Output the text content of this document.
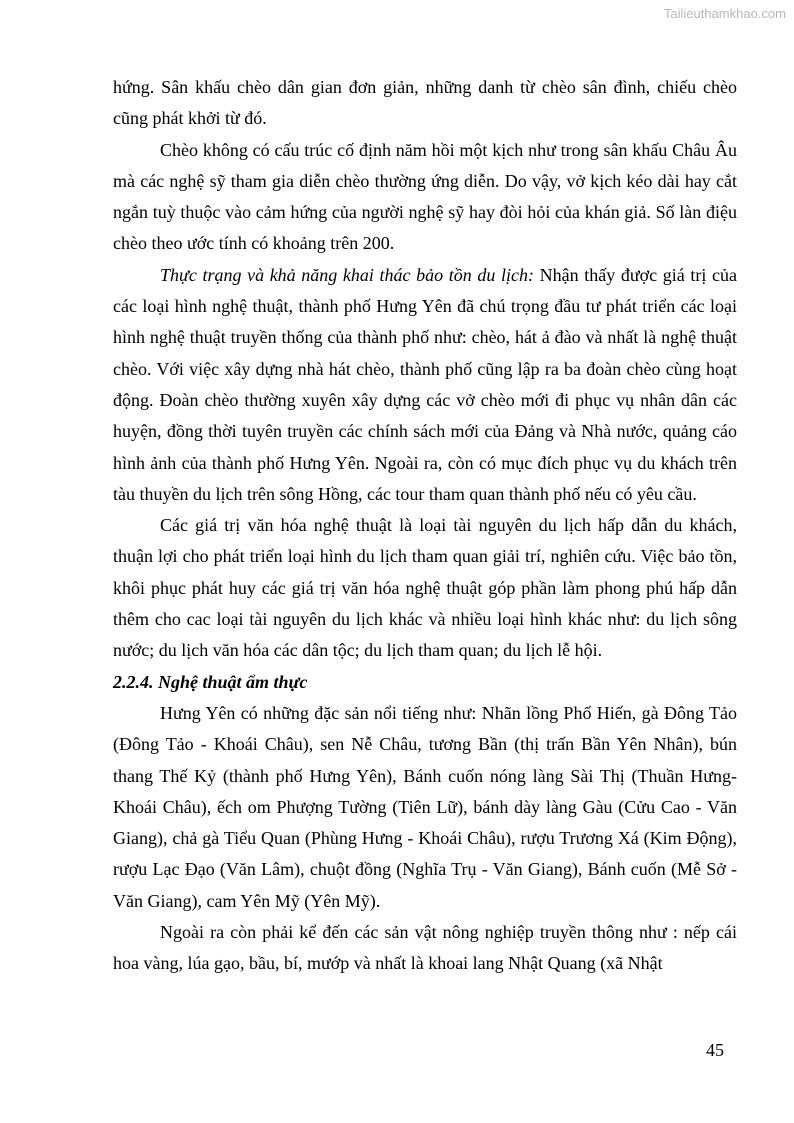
Tailieuthamkhao.com

hứng. Sân khấu chèo dân gian đơn giản, những danh từ chèo sân đình, chiếu chèo cũng phát khởi từ đó.

Chèo không có cấu trúc cố định năm hồi một kịch như trong sân khấu Châu Âu mà các nghệ sỹ tham gia diễn chèo thường ứng diễn. Do vậy, vở kịch kéo dài hay cắt ngắn tuỳ thuộc vào cảm hứng của người nghệ sỹ hay đòi hỏi của khán giả. Số làn điệu chèo theo ước tính có khoảng trên 200.

Thực trạng và khả năng khai thác bảo tồn du lịch: Nhận thấy được giá trị của các loại hình nghệ thuật, thành phố Hưng Yên đã chú trọng đầu tư phát triển các loại hình nghệ thuật truyền thống của thành phố như: chèo, hát ả đào và nhất là nghệ thuật chèo. Với việc xây dựng nhà hát chèo, thành phố cũng lập ra ba đoàn chèo cùng hoạt động. Đoàn chèo thường xuyên xây dựng các vở chèo mới đi phục vụ nhân dân các huyện, đồng thời tuyên truyền các chính sách mới của Đảng và Nhà nước, quảng cáo hình ảnh của thành phố Hưng Yên. Ngoài ra, còn có mục đích phục vụ du khách trên tàu thuyền du lịch trên sông Hồng, các tour tham quan thành phố nếu có yêu cầu.

Các giá trị văn hóa nghệ thuật là loại tài nguyên du lịch hấp dẫn du khách, thuận lợi cho phát triển loại hình du lịch tham quan giải trí, nghiên cứu. Việc bảo tồn, khôi phục phát huy các giá trị văn hóa nghệ thuật góp phần làm phong phú hấp dẫn thêm cho cac loại tài nguyên du lịch khác và nhiều loại hình khác như: du lịch sông nước; du lịch văn hóa các dân tộc; du lịch tham quan; du lịch lễ hội.

2.2.4. Nghệ thuật ẩm thực

Hưng Yên có những đặc sản nổi tiếng như: Nhãn lồng Phố Hiến, gà Đông Tảo (Đông Tảo - Khoái Châu), sen Nễ Châu, tương Bần (thị trấn Bần Yên Nhân), bún thang Thế Kỷ (thành phố Hưng Yên), Bánh cuốn nóng làng Sài Thị (Thuần Hưng- Khoái Châu), ếch om Phượng Tường (Tiên Lữ), bánh dày làng Gàu (Cửu Cao - Văn Giang), chả gà Tiểu Quan (Phùng Hưng - Khoái Châu), rượu Trương Xá (Kim Động), rượu Lạc Đạo (Văn Lâm), chuột đồng (Nghĩa Trụ - Văn Giang), Bánh cuốn (Mễ Sở - Văn Giang), cam Yên Mỹ (Yên Mỹ).

Ngoài ra còn phải kể đến các sản vật nông nghiệp truyền thông như : nếp cái hoa vàng, lúa gạo, bầu, bí, mướp và nhất là khoai lang Nhật Quang (xã Nhật

45
